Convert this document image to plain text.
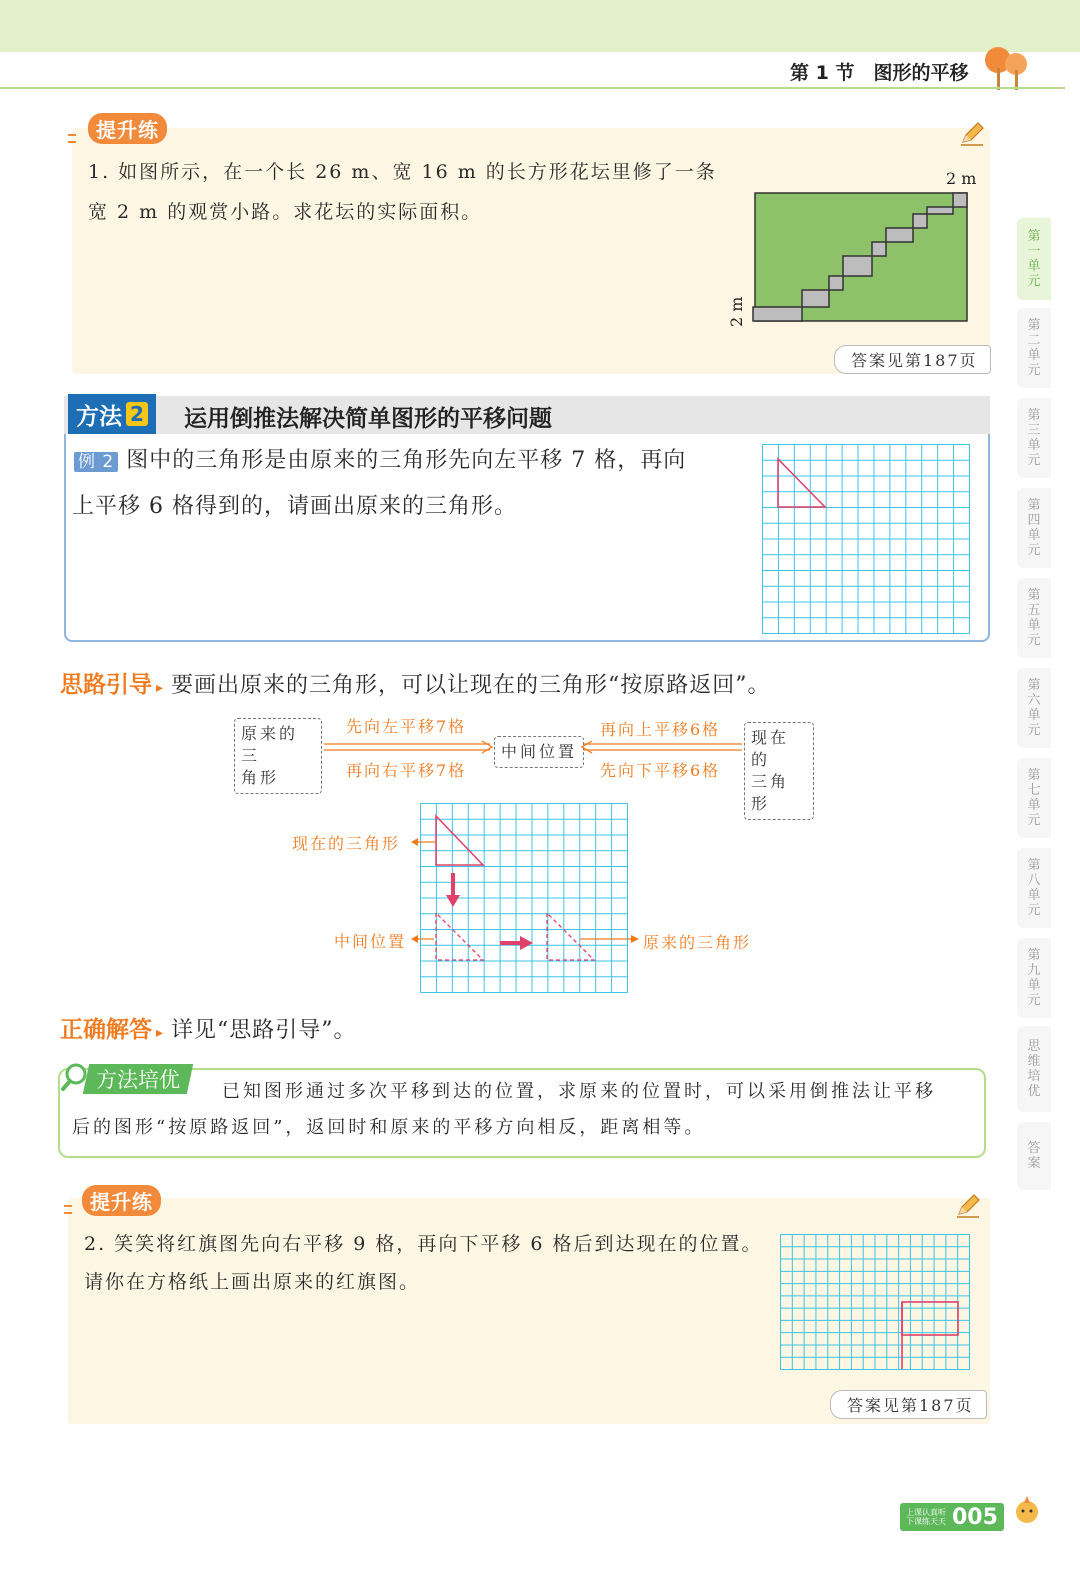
第 1 节　图形的平移
第
一
单
元
第
二
单
元
第
三
单
元
第
四
单
元
第
五
单
元
第
六
单
元
第
七
单
元
第
八
单
元
第
九
单
元
思
维
培
优
答
案
提升练
1. 如图所示，在一个长 26 m、宽 16 m 的长方形花坛里修了一条
宽 2 m 的观赏小路。求花坛的实际面积。
2 m
2 m
答案见第187页
方法 2 运用倒推法解决简单图形的平移问题
例 2 图中的三角形是由原来的三角形先向左平移 7 格，再向
上平移 6 格得到的，请画出原来的三角形。
思路引导 ▸ 要画出原来的三角形，可以让现在的三角形“按原路返回”。
原来的三
角形
中间位置
现在的
三角形
先向左平移7格
再向右平移7格
再向上平移6格
先向下平移6格
现在的三角形
中间位置	原来的三角形
正确解答 ▸ 详见“思路引导”。
方法培优 已知图形通过多次平移到达的位置，求原来的位置时，可以采用倒推法让平移
后的图形“按原路返回”，返回时和原来的平移方向相反，距离相等。
提升练
2. 笑笑将红旗图先向右平移 9 格，再向下平移 6 格后到达现在的位置。
请你在方格纸上画出原来的红旗图。
答案见第187页
上课认真听
下课练天天 005
